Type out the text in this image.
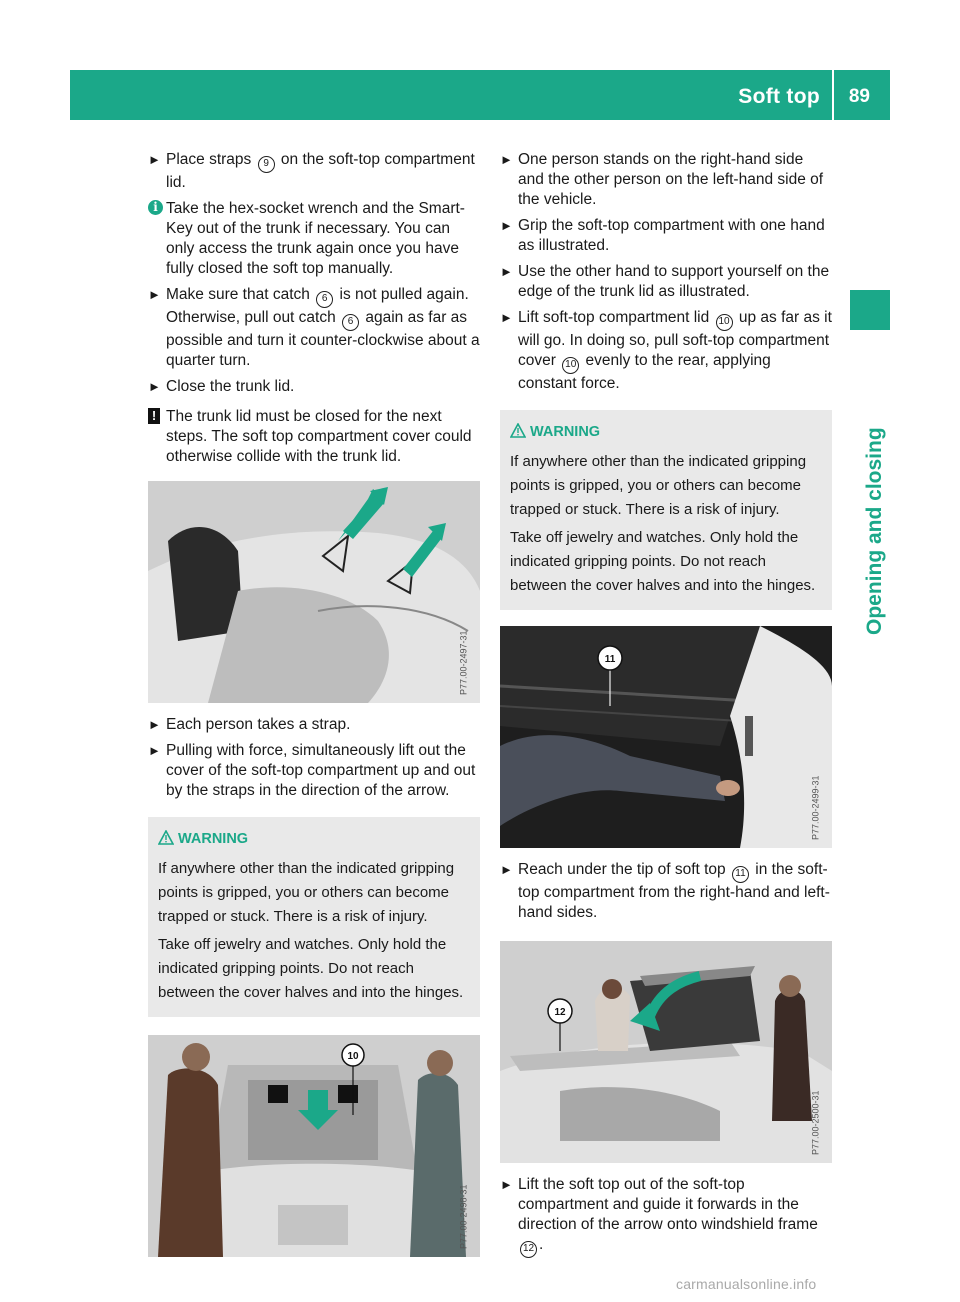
Soft top 89
Opening and closing
► Place straps 9 on the soft-top compartment lid.
i Take the hex-socket wrench and the Smart-Key out of the trunk if necessary. You can only access the trunk again once you have fully closed the soft top manually.
► Make sure that catch 6 is not pulled again. Otherwise, pull out catch 6 again as far as possible and turn it counter-clockwise about a quarter turn.
► Close the trunk lid.
! The trunk lid must be closed for the next steps. The soft top compartment cover could otherwise collide with the trunk lid.
P77.00-2497-31
► Each person takes a strap.
► Pulling with force, simultaneously lift out the cover of the soft-top compartment up and out by the straps in the direction of the arrow.
WARNING

If anywhere other than the indicated gripping points is gripped, you or others can become trapped or stuck. There is a risk of injury.

Take off jewelry and watches. Only hold the indicated gripping points. Do not reach between the cover halves and into the hinges.

10
P77.00-2498-31
► One person stands on the right-hand side and the other person on the left-hand side of the vehicle.
► Grip the soft-top compartment with one hand as illustrated.
► Use the other hand to support yourself on the edge of the trunk lid as illustrated.
► Lift soft-top compartment lid 10 up as far as it will go. In doing so, pull soft-top compartment cover 10 evenly to the rear, applying constant force.
WARNING

If anywhere other than the indicated gripping points is gripped, you or others can become trapped or stuck. There is a risk of injury.

Take off jewelry and watches. Only hold the indicated gripping points. Do not reach between the cover halves and into the hinges.

11
P77.00-2499-31
► Reach under the tip of soft top 11 in the soft-top compartment from the right-hand and left-hand sides.
12
P77.00-2500-31
► Lift the soft top out of the soft-top compartment and guide it forwards in the direction of the arrow onto windshield frame 12 .
carmanualsonline.info
